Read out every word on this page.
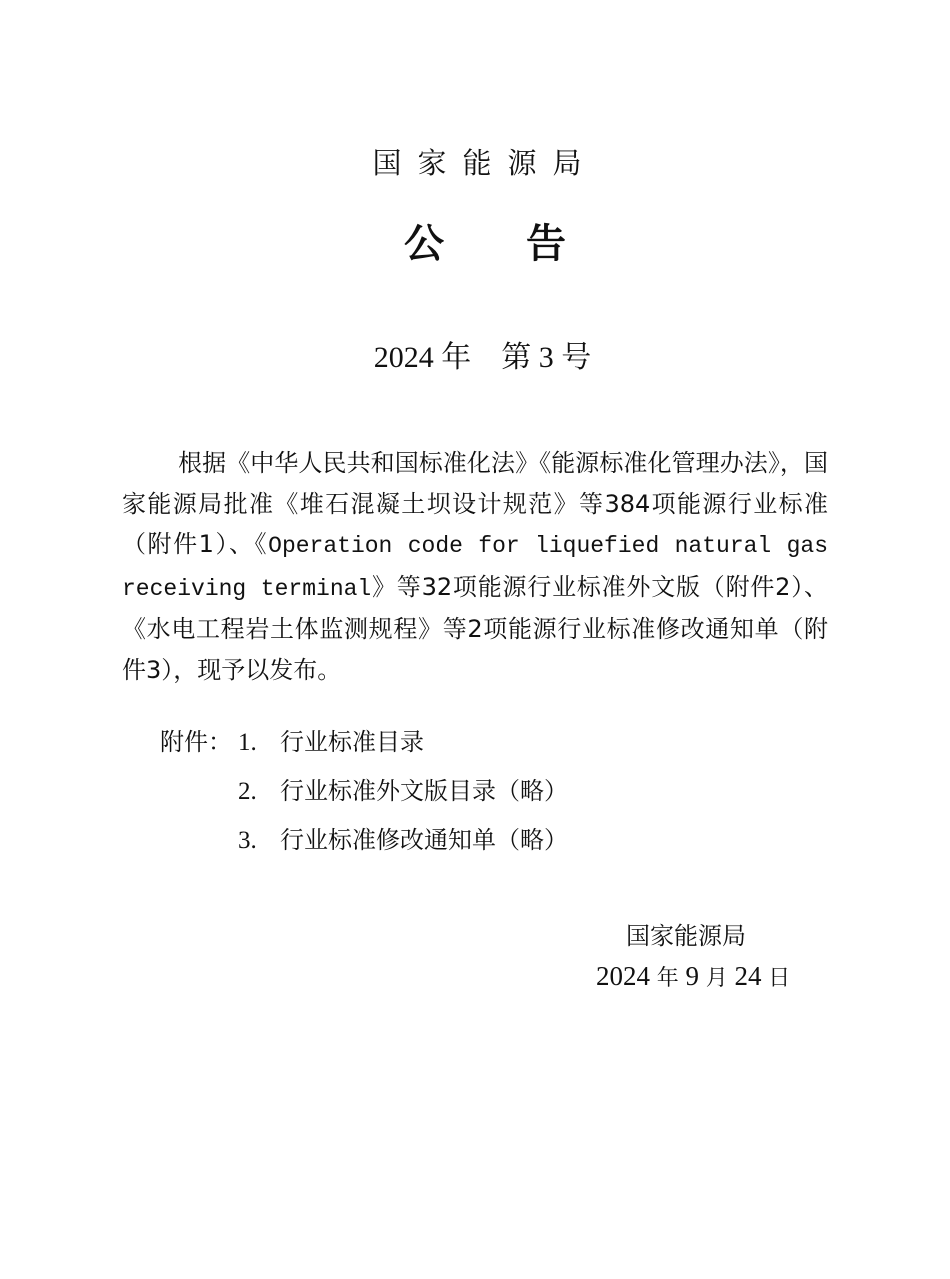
国家能源局
公 告
2024 年 第 3 号
根据《中华人民共和国标准化法》《能源标准化管理办法》，国家能源局批准《堆石混凝土坝设计规范》等384项能源行业标准（附件1）、《Operation code for liquefied natural gas receiving terminal》等32项能源行业标准外文版（附件2）、《水电工程岩土体监测规程》等2项能源行业标准修改通知单（附件3），现予以发布。
附件： 1. 行业标准目录
2. 行业标准外文版目录（略）
3. 行业标准修改通知单（略）
国家能源局
2024 年 9 月 24 日
